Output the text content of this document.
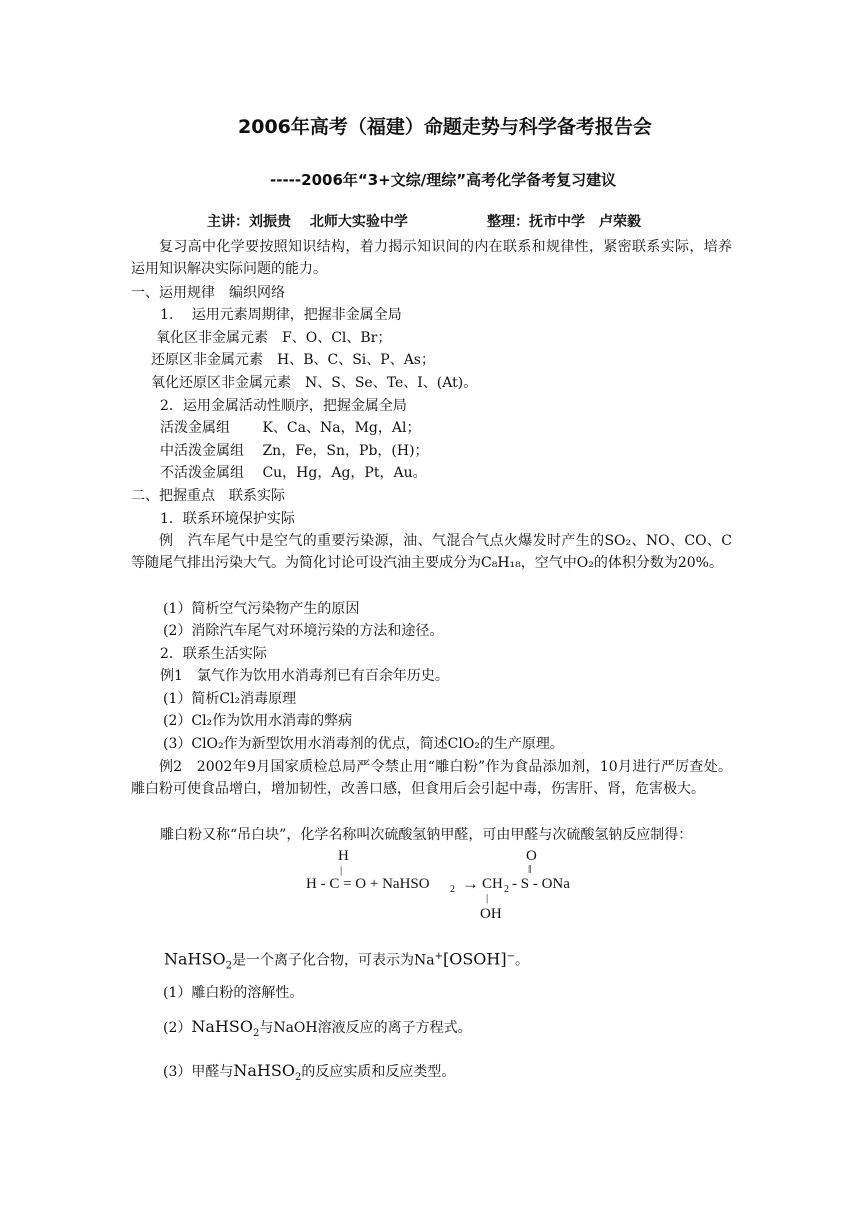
2006年高考（福建）命题走势与科学备考报告会
-----2006年“3+文综/理综”高考化学备考复习建议
主讲：刘振贵　 北师大实验中学	整理：抚市中学　卢荣毅
复习高中化学要按照知识结构，着力揭示知识间的内在联系和规律性，紧密联系实际，培养运用知识解决实际问题的能力。
一、运用规律　编织网络
1.　 运用元素周期律，把握非金属全局
氧化区非金属元素　F、O、Cl、Br；
还原区非金属元素　H、B、C、Si、P、As；
氧化还原区非金属元素　N、S、Se、Te、I、(At)。
2．运用金属活动性顺序，把握金属全局
活泼金属组　　 K、Ca、Na，Mg，Al；
中活泼金属组　 Zn，Fe，Sn，Pb，(H)；
不活泼金属组　 Cu，Hg，Ag，Pt，Au。
二、把握重点　联系实际
1．联系环境保护实际
例　汽车尾气中是空气的重要污染源，油、气混合气点火爆发时产生的SO₂、NO、CO、C等随尾气排出污染大气。为简化讨论可设汽油主要成分为C₈H₁₈，空气中O₂的体积分数为20%。
(1）简析空气污染物产生的原因
(2）消除汽车尾气对环境污染的方法和途径。
2．联系生活实际
例1　氯气作为饮用水消毒剂已有百余年历史。
(1）简析Cl₂消毒原理
(2）Cl₂作为饮用水消毒的弊病
(3）ClO₂作为新型饮用水消毒剂的优点，简述ClO₂的生产原理。
例2　2002年9月国家质检总局严令禁止用“雕白粉”作为食品添加剂，10月进行严厉查处。雕白粉可使食品增白，增加韧性，改善口感，但食用后会引起中毒，伤害肝、肾，危害极大。
雕白粉又称“吊白块”，化学名称叫次硫酸氢钠甲醛，可由甲醛与次硫酸氢钠反应制得：
H
|
H - C = O + NaHSO 2 → CH 2 - S - ONa
O
‖
|
OH
NaHSO$_2$是一个离子化合物，可表示为Na+[OSOH]−。
(1）雕白粉的溶解性。
(2）NaHSO$_2$与NaOH溶液反应的离子方程式。
(3）甲醛与NaHSO$_2$的反应实质和反应类型。
